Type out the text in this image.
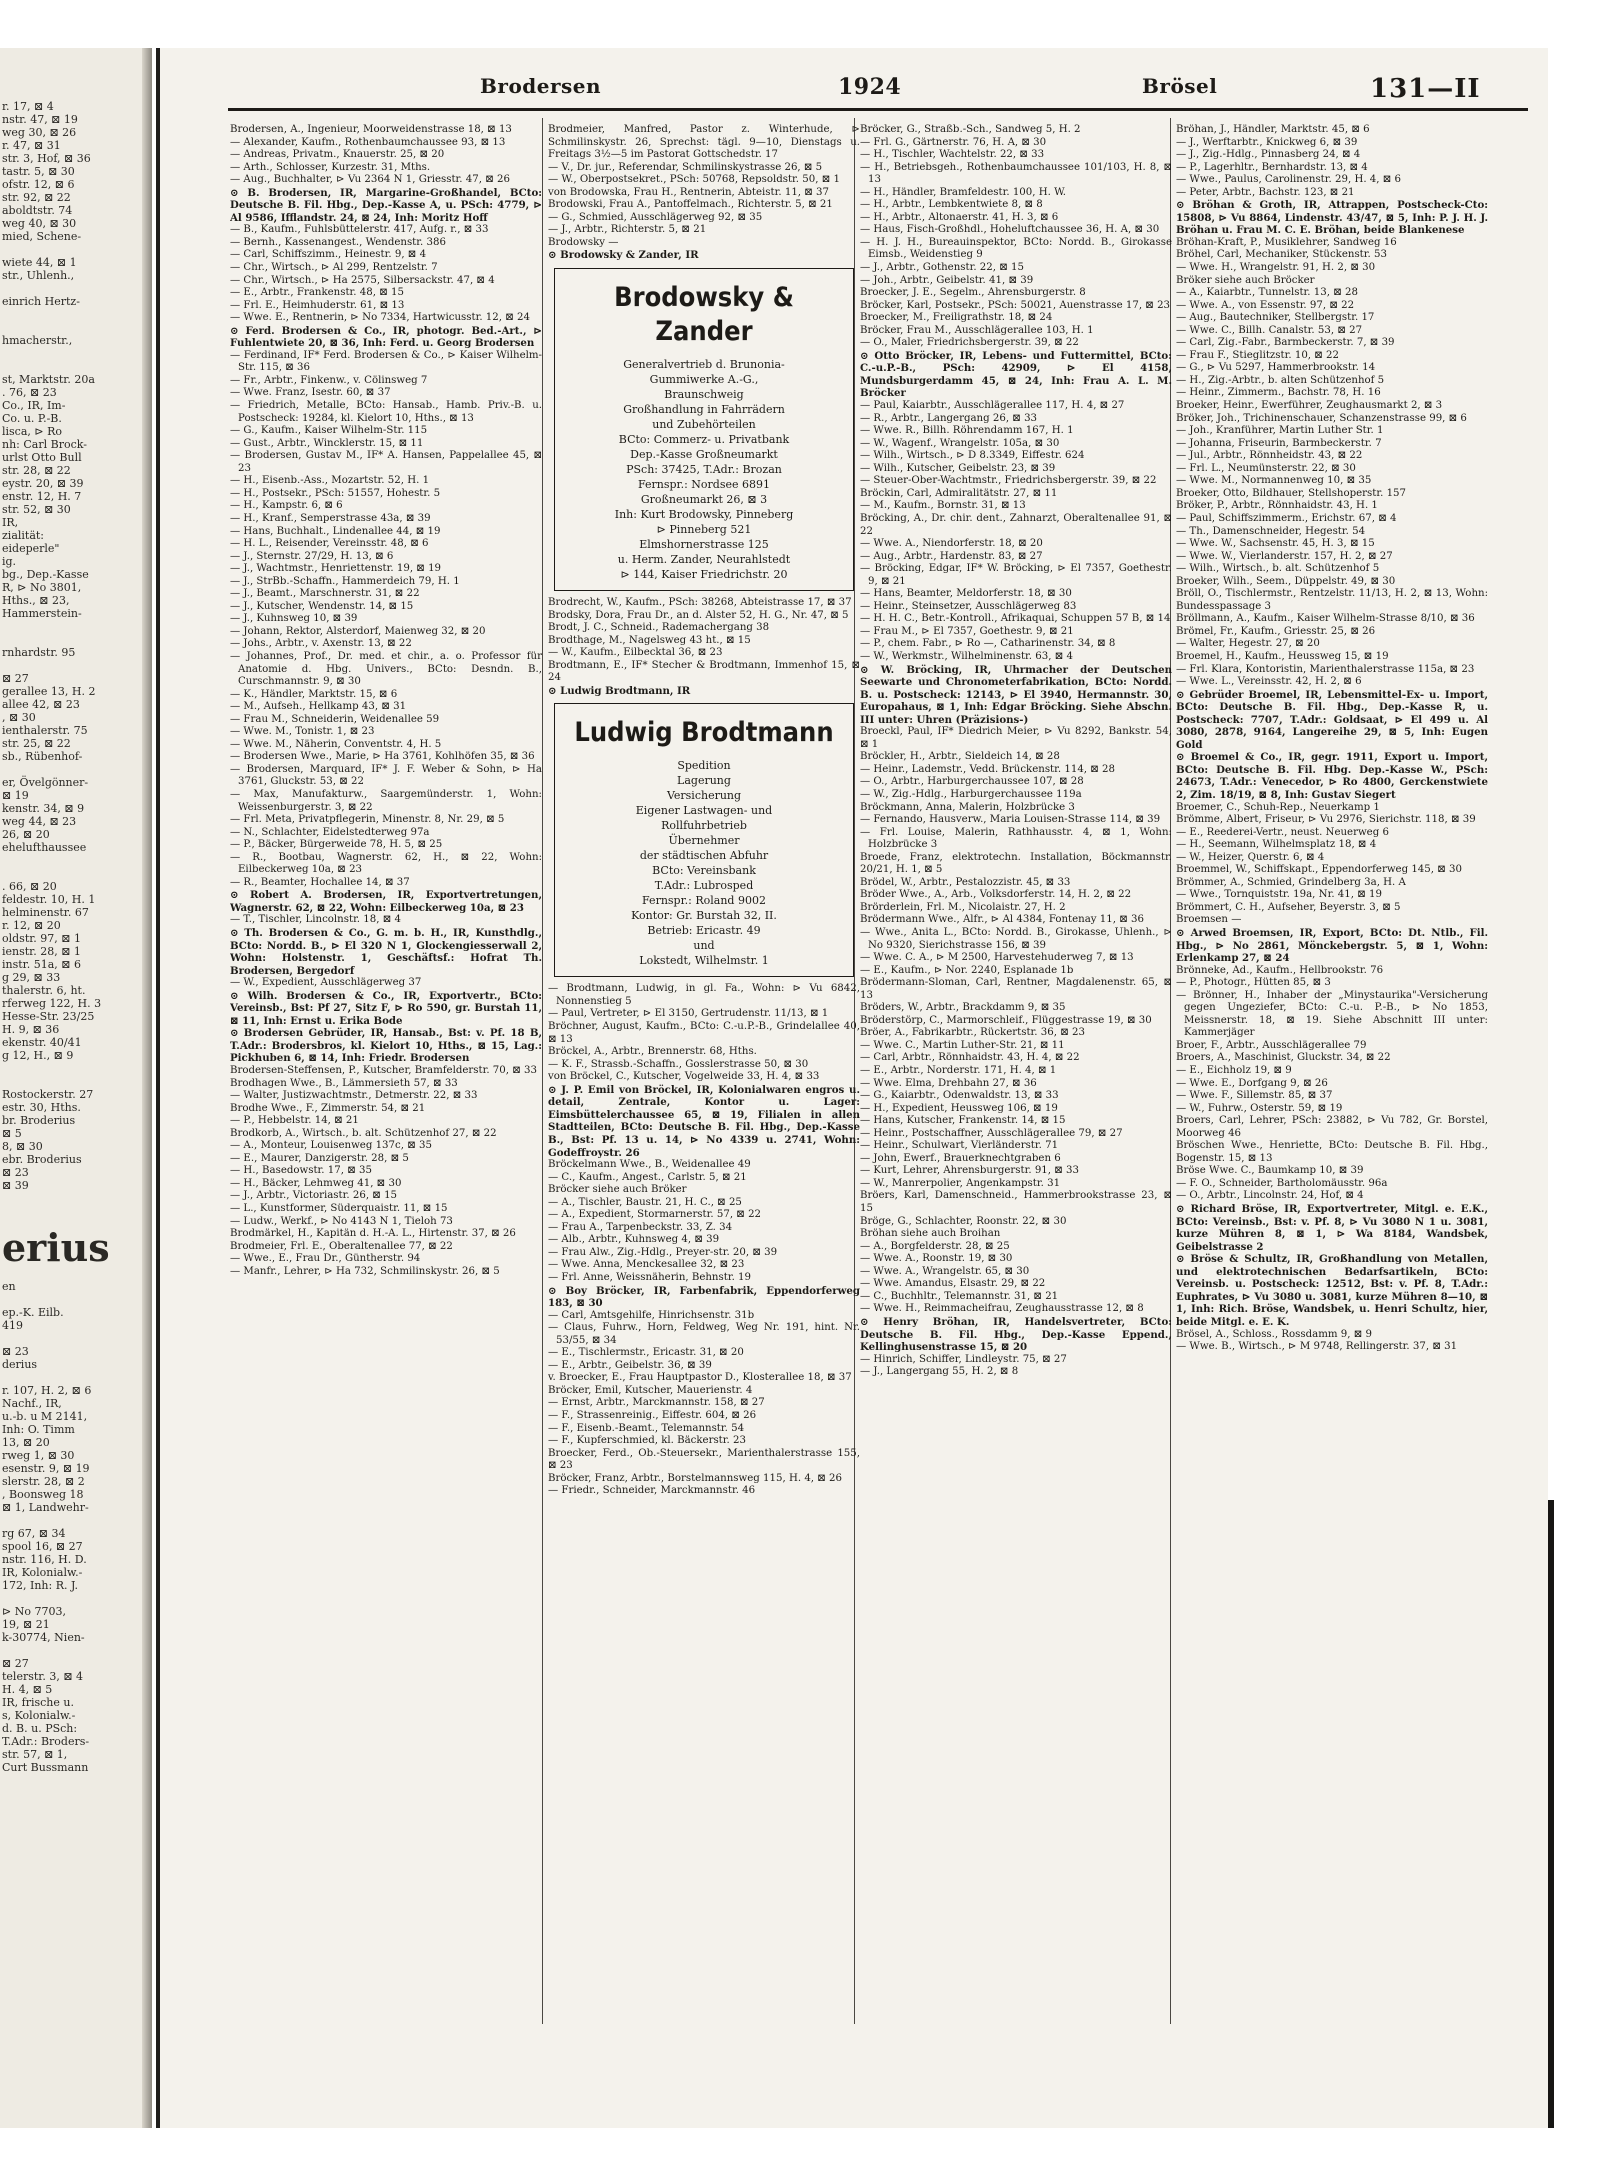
r. 17, ⊠ 4
nstr. 47, ⊠ 19
weg 30, ⊠ 26
r. 47, ⊠ 31
str. 3, Hof, ⊠ 36
tastr. 5, ⊠ 30
ofstr. 12, ⊠ 6
str. 92, ⊠ 22
aboldtstr. 74
weg 40, ⊠ 30
mied, Schene-
wiete 44, ⊠ 1
str., Uhlenh.,
einrich Hertz-
hmacherstr.,
st, Marktstr. 20a
. 76, ⊠ 23
Co., IR, Im-
Co. u. P.-B.
lisca, ⊳ Ro
nh: Carl Brock-
urlst Otto Bull
str. 28, ⊠ 22
eystr. 20, ⊠ 39
enstr. 12, H. 7
str. 52, ⊠ 30
IR,
zialität:
eideperle"
ig.
bg., Dep.-Kasse
R, ⊳ No 3801,
Hths., ⊠ 23,
Hammerstein-
rnhardstr. 95
⊠ 27
gerallee 13, H. 2
allee 42, ⊠ 23
, ⊠ 30
ienthalerstr. 75
str. 25, ⊠ 22
sb., Rübenhof-
er, Övelgönner-
⊠ 19
kenstr. 34, ⊠ 9
weg 44, ⊠ 23
26, ⊠ 20
ehelufthaussee
. 66, ⊠ 20
feldestr. 10, H. 1
helminenstr. 67
r. 12, ⊠ 20
oldstr. 97, ⊠ 1
ienstr. 28, ⊠ 1
instr. 51a, ⊠ 6
g 29, ⊠ 33
thalerstr. 6, ht.
rferweg 122, H. 3
Hesse-Str. 23/25
H. 9, ⊠ 36
ekenstr. 40/41
g 12, H., ⊠ 9
Rostockerstr. 27
estr. 30, Hths.
br. Broderius
⊠ 5
8, ⊠ 30
ebr. Broderius
⊠ 23
⊠ 39
erius
en
ep.-K. Eilb.
419
⊠ 23
derius
r. 107, H. 2, ⊠ 6
Nachf., IR,
u.-b. u M 2141,
Inh: O. Timm
13, ⊠ 20
rweg 1, ⊠ 30
esenstr. 9, ⊠ 19
slerstr. 28, ⊠ 2
, Boonsweg 18
⊠ 1, Landwehr-
rg 67, ⊠ 34
spool 16, ⊠ 27
nstr. 116, H. D.
IR, Kolonialw.-
172, Inh: R. J.
⊳ No 7703,
19, ⊠ 21
k-30774, Nien-
⊠ 27
telerstr. 3, ⊠ 4
H. 4, ⊠ 5
IR, frische u.
s, Kolonialw.-
d. B. u. PSch:
T.Adr.: Broders-
str. 57, ⊠ 1,
Curt Bussmann
Brodersen	1924	Brösel	131—II
Brodersen, A., Ingenieur, Moorweidenstrasse 18, ⊠ 13
— Alexander, Kaufm., Rothenbaumchaussee 93, ⊠ 13
— Andreas, Privatm., Knauerstr. 25, ⊠ 20
— Arth., Schlosser, Kurzestr. 31, Mths.
— Aug., Buchhalter, ⊳ Vu 2364 N 1, Griesstr. 47, ⊠ 26
⊙ B. Brodersen, IR, Margarine-Großhandel, BCto: Deutsche B. Fil. Hbg., Dep.-Kasse A, u. PSch: 4779, ⊳ Al 9586, Ifflandstr. 24, ⊠ 24, Inh: Moritz Hoff
— B., Kaufm., Fuhlsbüttelerstr. 417, Aufg. r., ⊠ 33
— Bernh., Kassenangest., Wendenstr. 386
— Carl, Schiffszimm., Heinestr. 9, ⊠ 4
— Chr., Wirtsch., ⊳ Al 299, Rentzelstr. 7
— Chr., Wirtsch., ⊳ Ha 2575, Silbersackstr. 47, ⊠ 4
— E., Arbtr., Frankenstr. 48, ⊠ 15
— Frl. E., Heimhuderstr. 61, ⊠ 13
— Wwe. E., Rentnerin, ⊳ No 7334, Hartwicusstr. 12, ⊠ 24
⊙ Ferd. Brodersen & Co., IR, photogr. Bed.-Art., ⊳ Fuhlentwiete 20, ⊠ 36, Inh: Ferd. u. Georg Brodersen
— Ferdinand, IF* Ferd. Brodersen & Co., ⊳ Kaiser Wilhelm-Str. 115, ⊠ 36
— Fr., Arbtr., Finkenw., v. Cölinsweg 7
— Wwe. Franz, Isestr. 60, ⊠ 37
— Friedrich, Metalle, BCto: Hansab., Hamb. Priv.-B. u. Postscheck: 19284, kl. Kielort 10, Hths., ⊠ 13
— G., Kaufm., Kaiser Wilhelm-Str. 115
— Gust., Arbtr., Wincklerstr. 15, ⊠ 11
— Brodersen, Gustav M., IF* A. Hansen, Pappelallee 45, ⊠ 23
— H., Eisenb.-Ass., Mozartstr. 52, H. 1
— H., Postsekr., PSch: 51557, Hohestr. 5
— H., Kampstr. 6, ⊠ 6
— H., Kranf., Semperstrasse 43a, ⊠ 39
— Hans, Buchhalt., Lindenallee 44, ⊠ 19
— H. L., Reisender, Vereinsstr. 48, ⊠ 6
— J., Sternstr. 27/29, H. 13, ⊠ 6
— J., Wachtmstr., Henriettenstr. 19, ⊠ 19
— J., StrBb.-Schaffn., Hammerdeich 79, H. 1
— J., Beamt., Marschnerstr. 31, ⊠ 22
— J., Kutscher, Wendenstr. 14, ⊠ 15
— J., Kuhnsweg 10, ⊠ 39
— Johann, Rektor, Alsterdorf, Maienweg 32, ⊠ 20
— Johs., Arbtr., v. Axenstr. 13, ⊠ 22
— Johannes, Prof., Dr. med. et chir., a. o. Professor für Anatomie d. Hbg. Univers., BCto: Desndn. B., Curschmannstr. 9, ⊠ 30
— K., Händler, Marktstr. 15, ⊠ 6
— M., Aufseh., Hellkamp 43, ⊠ 31
— Frau M., Schneiderin, Weidenallee 59
— Wwe. M., Tonistr. 1, ⊠ 23
— Wwe. M., Näherin, Conventstr. 4, H. 5
— Brodersen Wwe., Marie, ⊳ Ha 3761, Kohlhöfen 35, ⊠ 36
— Brodersen, Marquard, IF* J. F. Weber & Sohn, ⊳ Ha 3761, Gluckstr. 53, ⊠ 22
— Max, Manufakturw., Saargemünderstr. 1, Wohn: Weissenburgerstr. 3, ⊠ 22
— Frl. Meta, Privatpflegerin, Minenstr. 8, Nr. 29, ⊠ 5
— N., Schlachter, Eidelstedterweg 97a
— P., Bäcker, Bürgerweide 78, H. 5, ⊠ 25
— R., Bootbau, Wagnerstr. 62, H., ⊠ 22, Wohn: Eilbeckerweg 10a, ⊠ 23
— R., Beamter, Hochallee 14, ⊠ 37
⊙ Robert A. Brodersen, IR, Exportvertretungen, Wagnerstr. 62, ⊠ 22, Wohn: Eilbeckerweg 10a, ⊠ 23
— T., Tischler, Lincolnstr. 18, ⊠ 4
⊙ Th. Brodersen & Co., G. m. b. H., IR, Kunsthdlg., BCto: Nordd. B., ⊳ El 320 N 1, Glockengiesserwall 2, Wohn: Holstenstr. 1, Geschäftsf.: Hofrat Th. Brodersen, Bergedorf
— W., Expedient, Ausschlägerweg 37
⊙ Wilh. Brodersen & Co., IR, Exportvertr., BCto: Vereinsb., Bst: Pf 27, Sitz F, ⊳ Ro 590, gr. Burstah 11, ⊠ 11, Inh: Ernst u. Erika Bode
⊙ Brodersen Gebrüder, IR, Hansab., Bst: v. Pf. 18 B, T.Adr.: Brodersbros, kl. Kielort 10, Hths., ⊠ 15, Lag.: Pickhuben 6, ⊠ 14, Inh: Friedr. Brodersen
Brodersen-Steffensen, P., Kutscher, Bramfelderstr. 70, ⊠ 33
Brodhagen Wwe., B., Lämmersieth 57, ⊠ 33
— Walter, Justizwachtmstr., Detmerstr. 22, ⊠ 33
Brodhe Wwe., F., Zimmerstr. 54, ⊠ 21
— P., Hebbelstr. 14, ⊠ 21
Brodkorb, A., Wirtsch., b. alt. Schützenhof 27, ⊠ 22
— A., Monteur, Louisenweg 137c, ⊠ 35
— E., Maurer, Danzigerstr. 28, ⊠ 5
— H., Basedowstr. 17, ⊠ 35
— H., Bäcker, Lehmweg 41, ⊠ 30
— J., Arbtr., Victoriastr. 26, ⊠ 15
— L., Kunstformer, Süderquaistr. 11, ⊠ 15
— Ludw., Werkf., ⊳ No 4143 N 1, Tieloh 73
Brodmärkel, H., Kapitän d. H.-A. L., Hirtenstr. 37, ⊠ 26
Brodmeier, Frl. E., Oberaltenallee 77, ⊠ 22
— Wwe., E., Frau Dr., Güntherstr. 94
— Manfr., Lehrer, ⊳ Ha 732, Schmilinskystr. 26, ⊠ 5
Brodmeier, Manfred, Pastor z. Winterhude, ⊳ Schmilinskystr. 26, Sprechst: tägl. 9—10, Dienstags u. Freitags 3½—5 im Pastorat Gottschedstr. 17
— V., Dr. jur., Referendar, Schmilinskystrasse 26, ⊠ 5
— W., Oberpostsekret., PSch: 50768, Repsoldstr. 50, ⊠ 1
von Brodowska, Frau H., Rentnerin, Abteistr. 11, ⊠ 37
Brodowski, Frau A., Pantoffelmach., Richterstr. 5, ⊠ 21
— G., Schmied, Ausschlägerweg 92, ⊠ 35
— J., Arbtr., Richterstr. 5, ⊠ 21
Brodowsky —
⊙ Brodowsky & Zander, IR
Brodowsky & Zander
Generalvertrieb d. Brunonia-
Gummiwerke A.-G.,
Braunschweig
Großhandlung in Fahrrädern
und Zubehörteilen
BCto: Commerz- u. Privatbank
Dep.-Kasse Großneumarkt
PSch: 37425, T.Adr.: Brozan
Fernspr.: Nordsee 6891
Großneumarkt 26, ⊠ 3
Inh: Kurt Brodowsky, Pinneberg
⊳ Pinneberg 521
Elmshornerstrasse 125
u. Herm. Zander, Neurahlstedt
⊳ 144, Kaiser Friedrichstr. 20
Brodrecht, W., Kaufm., PSch: 38268, Abteistrasse 17, ⊠ 37
Brodsky, Dora, Frau Dr., an d. Alster 52, H. G., Nr. 47, ⊠ 5
Brodt, J. C., Schneid., Rademachergang 38
Brodthage, M., Nagelsweg 43 ht., ⊠ 15
— W., Kaufm., Eilbecktal 36, ⊠ 23
Brodtmann, E., IF* Stecher & Brodtmann, Immenhof 15, ⊠ 24
⊙ Ludwig Brodtmann, IR
Ludwig Brodtmann
Spedition
Lagerung
Versicherung
Eigener Lastwagen- und
Rollfuhrbetrieb
Übernehmer
der städtischen Abfuhr
BCto: Vereinsbank
T.Adr.: Lubrosped
Fernspr.: Roland 9002
Kontor: Gr. Burstah 32, II.
Betrieb: Ericastr. 49
und
Lokstedt, Wilhelmstr. 1
— Brodtmann, Ludwig, in gl. Fa., Wohn: ⊳ Vu 6842, Nonnenstieg 5
— Paul, Vertreter, ⊳ El 3150, Gertrudenstr. 11/13, ⊠ 1
Bröchner, August, Kaufm., BCto: C.-u.P.-B., Grindelallee 40, ⊠ 13
Bröckel, A., Arbtr., Brennerstr. 68, Hths.
— K. F., Strassb.-Schaffn., Gosslerstrasse 50, ⊠ 30
von Bröckel, C., Kutscher, Vogelweide 33, H. 4, ⊠ 33
⊙ J. P. Emil von Bröckel, IR, Kolonialwaren engros u. detail, Zentrale, Kontor u. Lager: Eimsbüttelerchaussee 65, ⊠ 19, Filialen in allen Stadtteilen, BCto: Deutsche B. Fil. Hbg., Dep.-Kasse B., Bst: Pf. 13 u. 14, ⊳ No 4339 u. 2741, Wohn: Godeffroystr. 26
Bröckelmann Wwe., B., Weidenallee 49
— C., Kaufm., Angest., Carlstr. 5, ⊠ 21
Bröcker siehe auch Bröker
— A., Tischler, Baustr. 21, H. C., ⊠ 25
— A., Expedient, Stormarnerstr. 57, ⊠ 22
— Frau A., Tarpenbeckstr. 33, Z. 34
— Alb., Arbtr., Kuhnsweg 4, ⊠ 39
— Frau Alw., Zig.-Hdlg., Preyer-str. 20, ⊠ 39
— Wwe. Anna, Menckesallee 32, ⊠ 23
— Frl. Anne, Weissnäherin, Behnstr. 19
⊙ Boy Bröcker, IR, Farbenfabrik, Eppendorferweg 183, ⊠ 30
— Carl, Amtsgehilfe, Hinrichsenstr. 31b
— Claus, Fuhrw., Horn, Feldweg, Weg Nr. 191, hint. Nr. 53/55, ⊠ 34
— E., Tischlermstr., Ericastr. 31, ⊠ 20
— E., Arbtr., Geibelstr. 36, ⊠ 39
v. Broecker, E., Frau Hauptpastor D., Klosterallee 18, ⊠ 37
Bröcker, Emil, Kutscher, Mauerienstr. 4
— Ernst, Arbtr., Marckmannstr. 158, ⊠ 27
— F., Strassenreinig., Eiffestr. 604, ⊠ 26
— F., Eisenb.-Beamt., Telemannstr. 54
— F., Kupferschmied, kl. Bäckerstr. 23
Broecker, Ferd., Ob.-Steuersekr., Marienthalerstrasse 155, ⊠ 23
Bröcker, Franz, Arbtr., Borstelmannsweg 115, H. 4, ⊠ 26
— Friedr., Schneider, Marckmannstr. 46
Bröcker, G., Straßb.-Sch., Sandweg 5, H. 2
— Frl. G., Gärtnerstr. 76, H. A, ⊠ 30
— H., Tischler, Wachtelstr. 22, ⊠ 33
— H., Betriebsgeh., Rothenbaumchaussee 101/103, H. 8, ⊠ 13
— H., Händler, Bramfeldestr. 100, H. W.
— H., Arbtr., Lembkentwiete 8, ⊠ 8
— H., Arbtr., Altonaerstr. 41, H. 3, ⊠ 6
— Haus, Fisch-Großhdl., Hoheluftchaussee 36, H. A, ⊠ 30
— H. J. H., Bureauinspektor, BCto: Nordd. B., Girokasse Eimsb., Weidenstieg 9
— J., Arbtr., Gothenstr. 22, ⊠ 15
— Joh., Arbtr., Geibelstr. 41, ⊠ 39
Broecker, J. E., Segelm., Ahrensburgerstr. 8
Bröcker, Karl, Postsekr., PSch: 50021, Auenstrasse 17, ⊠ 23
Broecker, M., Freiligrathstr. 18, ⊠ 24
Bröcker, Frau M., Ausschlägerallee 103, H. 1
— O., Maler, Friedrichsbergerstr. 39, ⊠ 22
⊙ Otto Bröcker, IR, Lebens- und Futtermittel, BCto: C.-u.P.-B., PSch: 42909, ⊳ El 4158, Mundsburgerdamm 45, ⊠ 24, Inh: Frau A. L. M. Bröcker
— Paul, Kaiarbtr., Ausschlägerallee 117, H. 4, ⊠ 27
— R., Arbtr., Langergang 26, ⊠ 33
— Wwe. R., Billh. Röhrendamm 167, H. 1
— W., Wagenf., Wrangelstr. 105a, ⊠ 30
— Wilh., Wirtsch., ⊳ D 8.3349, Eiffestr. 624
— Wilh., Kutscher, Geibelstr. 23, ⊠ 39
— Steuer-Ober-Wachtmstr., Friedrichsbergerstr. 39, ⊠ 22
Bröckin, Carl, Admiralitätstr. 27, ⊠ 11
— M., Kaufm., Bornstr. 31, ⊠ 13
Bröcking, A., Dr. chir. dent., Zahnarzt, Oberaltenallee 91, ⊠ 22
— Wwe. A., Niendorferstr. 18, ⊠ 20
— Aug., Arbtr., Hardenstr. 83, ⊠ 27
— Bröcking, Edgar, IF* W. Bröcking, ⊳ El 7357, Goethestr. 9, ⊠ 21
— Hans, Beamter, Meldorferstr. 18, ⊠ 30
— Heinr., Steinsetzer, Ausschlägerweg 83
— H. H. C., Betr.-Kontroll., Afrikaquai, Schuppen 57 B, ⊠ 14
— Frau M., ⊳ El 7357, Goethestr. 9, ⊠ 21
— P., chem. Fabr., ⊳ Ro —, Catharinenstr. 34, ⊠ 8
— W., Werkmstr., Wilhelminenstr. 63, ⊠ 4
⊙ W. Bröcking, IR, Uhrmacher der Deutschen Seewarte und Chronometerfabrikation, BCto: Nordd. B. u. Postscheck: 12143, ⊳ El 3940, Hermannstr. 30, Europahaus, ⊠ 1, Inh: Edgar Bröcking. Siehe Abschn. III unter: Uhren (Präzisions-)
Broeckl, Paul, IF* Diedrich Meier, ⊳ Vu 8292, Bankstr. 54, ⊠ 1
Bröckler, H., Arbtr., Sieldeich 14, ⊠ 28
— Heinr., Lademstr., Vedd. Brückenstr. 114, ⊠ 28
— O., Arbtr., Harburgerchaussee 107, ⊠ 28
— W., Zig.-Hdlg., Harburgerchaussee 119a
Bröckmann, Anna, Malerin, Holzbrücke 3
— Fernando, Hausverw., Maria Louisen-Strasse 114, ⊠ 39
— Frl. Louise, Malerin, Rathhausstr. 4, ⊠ 1, Wohn: Holzbrücke 3
Broede, Franz, elektrotechn. Installation, Böckmannstr. 20/21, H. 1, ⊠ 5
Brödel, W., Arbtr., Pestalozzistr. 45, ⊠ 33
Bröder Wwe., A., Arb., Volksdorferstr. 14, H. 2, ⊠ 22
Brörderlein, Frl. M., Nicolaistr. 27, H. 2
Brödermann Wwe., Alfr., ⊳ Al 4384, Fontenay 11, ⊠ 36
— Wwe., Anita L., BCto: Nordd. B., Girokasse, Uhlenh., ⊳ No 9320, Sierichstrasse 156, ⊠ 39
— Wwe. C. A., ⊳ M 2500, Harvestehuderweg 7, ⊠ 13
— E., Kaufm., ⊳ Nor. 2240, Esplanade 1b
Brödermann-Sloman, Carl, Rentner, Magdalenenstr. 65, ⊠ 13
Bröders, W., Arbtr., Brackdamm 9, ⊠ 35
Bröderstörp, C., Marmorschleif., Flüggestrasse 19, ⊠ 30
Bröer, A., Fabrikarbtr., Rückertstr. 36, ⊠ 23
— Wwe. C., Martin Luther-Str. 21, ⊠ 11
— Carl, Arbtr., Rönnhaidstr. 43, H. 4, ⊠ 22
— E., Arbtr., Norderstr. 171, H. 4, ⊠ 1
— Wwe. Elma, Drehbahn 27, ⊠ 36
— G., Kaiarbtr., Odenwaldstr. 13, ⊠ 33
— H., Expedient, Heussweg 106, ⊠ 19
— Hans, Kutscher, Frankenstr. 14, ⊠ 15
— Heinr., Postschaffner, Ausschlägerallee 79, ⊠ 27
— Heinr., Schulwart, Vierländerstr. 71
— John, Ewerf., Brauerknechtgraben 6
— Kurt, Lehrer, Ahrensburgerstr. 91, ⊠ 33
— W., Manrerpolier, Angenkampstr. 31
Bröers, Karl, Damenschneid., Hammerbrookstrasse 23, ⊠ 15
Bröge, G., Schlachter, Roonstr. 22, ⊠ 30
Bröhan siehe auch Broihan
— A., Borgfelderstr. 28, ⊠ 25
— Wwe. A., Roonstr. 19, ⊠ 30
— Wwe. A., Wrangelstr. 65, ⊠ 30
— Wwe. Amandus, Elsastr. 29, ⊠ 22
— C., Buchhltr., Telemannstr. 31, ⊠ 21
— Wwe. H., Reimmacheifrau, Zeughausstrasse 12, ⊠ 8
⊙ Henry Bröhan, IR, Handelsvertreter, BCto: Deutsche B. Fil. Hbg., Dep.-Kasse Eppend., Kellinghusenstrasse 15, ⊠ 20
— Hinrich, Schiffer, Lindleystr. 75, ⊠ 27
— J., Langergang 55, H. 2, ⊠ 8
Bröhan, J., Händler, Marktstr. 45, ⊠ 6
— J., Werftarbtr., Knickweg 6, ⊠ 39
— J., Zig.-Hdlg., Pinnasberg 24, ⊠ 4
— P., Lagerhltr., Bernhardstr. 13, ⊠ 4
— Wwe., Paulus, Carolinenstr. 29, H. 4, ⊠ 6
— Peter, Arbtr., Bachstr. 123, ⊠ 21
⊙ Bröhan & Groth, IR, Attrappen, Postscheck-Cto: 15808, ⊳ Vu 8864, Lindenstr. 43/47, ⊠ 5, Inh: P. J. H. J. Bröhan u. Frau M. C. E. Bröhan, beide Blankenese
Bröhan-Kraft, P., Musiklehrer, Sandweg 16
Bröhel, Carl, Mechaniker, Stückenstr. 53
— Wwe. H., Wrangelstr. 91, H. 2, ⊠ 30
Bröker siehe auch Bröcker
— A., Kaiarbtr., Tunnelstr. 13, ⊠ 28
— Wwe. A., von Essenstr. 97, ⊠ 22
— Aug., Bautechniker, Stellbergstr. 17
— Wwe. C., Billh. Canalstr. 53, ⊠ 27
— Carl, Zig.-Fabr., Barmbeckerstr. 7, ⊠ 39
— Frau F., Stieglitzstr. 10, ⊠ 22
— G., ⊳ Vu 5297, Hammerbrookstr. 14
— H., Zig.-Arbtr., b. alten Schützenhof 5
— Heinr., Zimmerm., Bachstr. 78, H. 16
Broeker, Heinr., Ewerführer, Zeughausmarkt 2, ⊠ 3
Bröker, Joh., Trichinenschauer, Schanzenstrasse 99, ⊠ 6
— Joh., Kranführer, Martin Luther Str. 1
— Johanna, Friseurin, Barmbeckerstr. 7
— Jul., Arbtr., Rönnheidstr. 43, ⊠ 22
— Frl. L., Neumünsterstr. 22, ⊠ 30
— Wwe. M., Normannenweg 10, ⊠ 35
Broeker, Otto, Bildhauer, Stellshoperstr. 157
Bröker, P., Arbtr., Rönnhaidstr. 43, H. 1
— Paul, Schiffszimmerm., Erichstr. 67, ⊠ 4
— Th., Damenschneider, Hegestr. 54
— Wwe. W., Sachsenstr. 45, H. 3, ⊠ 15
— Wwe. W., Vierlanderstr. 157, H. 2, ⊠ 27
— Wilh., Wirtsch., b. alt. Schützenhof 5
Broeker, Wilh., Seem., Düppelstr. 49, ⊠ 30
Bröll, O., Tischlermstr., Rentzelstr. 11/13, H. 2, ⊠ 13, Wohn: Bundesspassage 3
Bröllmann, A., Kaufm., Kaiser Wilhelm-Strasse 8/10, ⊠ 36
Brömel, Fr., Kaufm., Griesstr. 25, ⊠ 26
— Walter, Hegestr. 27, ⊠ 20
Broemel, H., Kaufm., Heussweg 15, ⊠ 19
— Frl. Klara, Kontoristin, Marienthalerstrasse 115a, ⊠ 23
— Wwe. L., Vereinsstr. 42, H. 2, ⊠ 6
⊙ Gebrüder Broemel, IR, Lebensmittel-Ex- u. Import, BCto: Deutsche B. Fil. Hbg., Dep.-Kasse R, u. Postscheck: 7707, T.Adr.: Goldsaat, ⊳ El 499 u. Al 3080, 2878, 9164, Langereihe 29, ⊠ 5, Inh: Eugen Gold
⊙ Broemel & Co., IR, gegr. 1911, Export u. Import, BCto: Deutsche B. Fil. Hbg. Dep.-Kasse W., PSch: 24673, T.Adr.: Venecedor, ⊳ Ro 4800, Gerckenstwiete 2, Zim. 18/19, ⊠ 8, Inh: Gustav Siegert
Broemer, C., Schuh-Rep., Neuerkamp 1
Brömme, Albert, Friseur, ⊳ Vu 2976, Sierichstr. 118, ⊠ 39
— E., Reederei-Vertr., neust. Neuerweg 6
— H., Seemann, Wilhelmsplatz 18, ⊠ 4
— W., Heizer, Querstr. 6, ⊠ 4
Broemmel, W., Schiffskapt., Eppendorferweg 145, ⊠ 30
Brömmer, A., Schmied, Grindelberg 3a, H. A
— Wwe., Tornquiststr. 19a, Nr. 41, ⊠ 19
Brömmert, C. H., Aufseher, Beyerstr. 3, ⊠ 5
Broemsen —
⊙ Arwed Broemsen, IR, Export, BCto: Dt. Ntlb., Fil. Hbg., ⊳ No 2861, Mönckebergstr. 5, ⊠ 1, Wohn: Erlenkamp 27, ⊠ 24
Brönneke, Ad., Kaufm., Hellbrookstr. 76
— P., Photogr., Hütten 85, ⊠ 3
— Brönner, H., Inhaber der „Minystaurika"-Versicherung gegen Ungeziefer, BCto: C.-u. P.-B., ⊳ No 1853, Meissnerstr. 18, ⊠ 19. Siehe Abschnitt III unter: Kammerjäger
Broer, F., Arbtr., Ausschlägerallee 79
Broers, A., Maschinist, Gluckstr. 34, ⊠ 22
— E., Eichholz 19, ⊠ 9
— Wwe. E., Dorfgang 9, ⊠ 26
— Wwe. F., Sillemstr. 85, ⊠ 37
— W., Fuhrw., Osterstr. 59, ⊠ 19
Broers, Carl, Lehrer, PSch: 23882, ⊳ Vu 782, Gr. Borstel, Moorweg 46
Bröschen Wwe., Henriette, BCto: Deutsche B. Fil. Hbg., Bogenstr. 15, ⊠ 13
Bröse Wwe. C., Baumkamp 10, ⊠ 39
— F. O., Schneider, Bartholomäusstr. 96a
— O., Arbtr., Lincolnstr. 24, Hof, ⊠ 4
⊙ Richard Bröse, IR, Exportvertreter, Mitgl. e. E.K., BCto: Vereinsb., Bst: v. Pf. 8, ⊳ Vu 3080 N 1 u. 3081, kurze Mühren 8, ⊠ 1, ⊳ Wa 8184, Wandsbek, Geibelstrasse 2
⊙ Bröse & Schultz, IR, Großhandlung von Metallen, und elektrotechnischen Bedarfsartikeln, BCto: Vereinsb. u. Postscheck: 12512, Bst: v. Pf. 8, T.Adr.: Euphrates, ⊳ Vu 3080 u. 3081, kurze Mühren 8—10, ⊠ 1, Inh: Rich. Bröse, Wandsbek, u. Henri Schultz, hier, beide Mitgl. e. E. K.
Brösel, A., Schloss., Rossdamm 9, ⊠ 9
— Wwe. B., Wirtsch., ⊳ M 9748, Rellingerstr. 37, ⊠ 31
